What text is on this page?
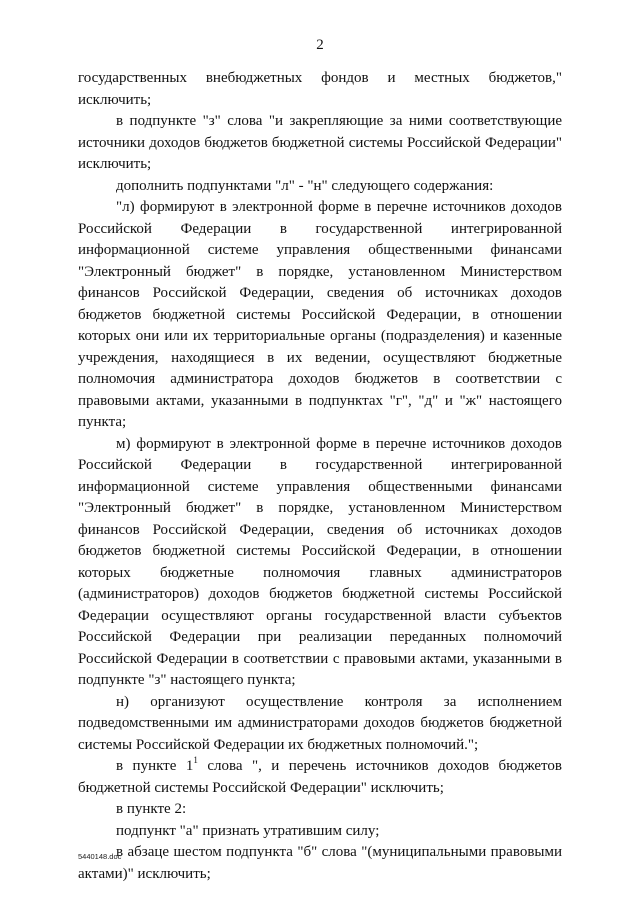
2

государственных внебюджетных фондов и местных бюджетов," исключить;

в подпункте "з" слова "и закрепляющие за ними соответствующие источники доходов бюджетов бюджетной системы Российской Федерации" исключить;

дополнить подпунктами "л" - "н" следующего содержания:

"л) формируют в электронной форме в перечне источников доходов Российской Федерации в государственной интегрированной информационной системе управления общественными финансами "Электронный бюджет" в порядке, установленном Министерством финансов Российской Федерации, сведения об источниках доходов бюджетов бюджетной системы Российской Федерации, в отношении которых они или их территориальные органы (подразделения) и казенные учреждения, находящиеся в их ведении, осуществляют бюджетные полномочия администратора доходов бюджетов в соответствии с правовыми актами, указанными в подпунктах "г", "д" и "ж" настоящего пункта;

м) формируют в электронной форме в перечне источников доходов Российской Федерации в государственной интегрированной информационной системе управления общественными финансами "Электронный бюджет" в порядке, установленном Министерством финансов Российской Федерации, сведения об источниках доходов бюджетов бюджетной системы Российской Федерации, в отношении которых бюджетные полномочия главных администраторов (администраторов) доходов бюджетов бюджетной системы Российской Федерации осуществляют органы государственной власти субъектов Российской Федерации при реализации переданных полномочий Российской Федерации в соответствии с правовыми актами, указанными в подпункте "з" настоящего пункта;

н) организуют осуществление контроля за исполнением подведомственными им администраторами доходов бюджетов бюджетной системы Российской Федерации их бюджетных полномочий.";

в пункте $1^1$ слова ", и перечень источников доходов бюджетов бюджетной системы Российской Федерации" исключить;

в пункте 2:

подпункт "а" признать утратившим силу;

в абзаце шестом подпункта "б" слова "(муниципальными правовыми актами)" исключить;

5440148.doc
